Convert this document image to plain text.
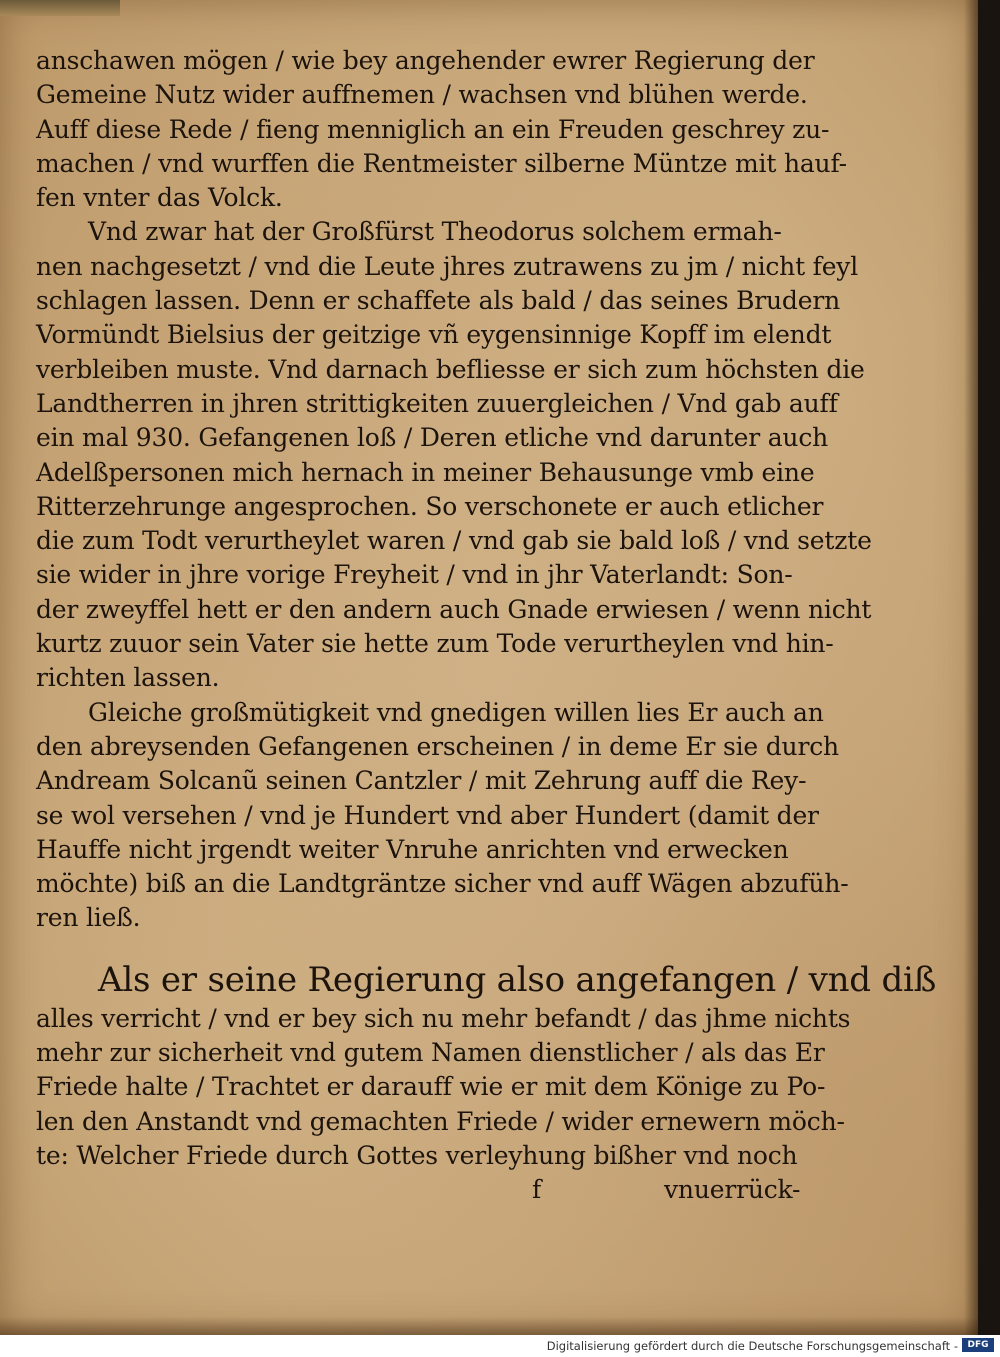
anschawen mögen / wie bey angehender ewrer Regierung der
Gemeine Nutz wider auffnemen / wachsen vnd blühen werde.
Auff diese Rede / fieng menniglich an ein Freuden geschrey zu-
machen / vnd wurffen die Rentmeister silberne Müntze mit hauf-
fen vnter das Volck.
Vnd zwar hat der Großfürst Theodorus solchem ermah-
nen nachgesetzt / vnd die Leute jhres zutrawens zu jm / nicht feyl
schlagen lassen. Denn er schaffete als bald / das seines Brudern
Vormündt Bielsius der geitzige vñ eygensinnige Kopff im elendt
verbleiben muste. Vnd darnach befliesse er sich zum höchsten die
Landtherren in jhren strittigkeiten zuuergleichen / Vnd gab auff
ein mal 930. Gefangenen loß / Deren etliche vnd darunter auch
Adelßpersonen mich hernach in meiner Behausunge vmb eine
Ritterzehrunge angesprochen. So verschonete er auch etlicher
die zum Todt verurtheylet waren / vnd gab sie bald loß / vnd setzte
sie wider in jhre vorige Freyheit / vnd in jhr Vaterlandt: Son-
der zweyffel hett er den andern auch Gnade erwiesen / wenn nicht
kurtz zuuor sein Vater sie hette zum Tode verurtheylen vnd hin-
richten lassen.
Gleiche großmütigkeit vnd gnedigen willen lies Er auch an
den abreysenden Gefangenen erscheinen / in deme Er sie durch
Andream Solcanũ seinen Cantzler / mit Zehrung auff die Rey-
se wol versehen / vnd je Hundert vnd aber Hundert (damit der
Hauffe nicht jrgendt weiter Vnruhe anrichten vnd erwecken
möchte) biß an die Landtgräntze sicher vnd auff Wägen abzufüh-
ren ließ.
Als er seine Regierung also angefangen / vnd diß
alles verricht / vnd er bey sich nu mehr befandt / das jhme nichts
mehr zur sicherheit vnd gutem Namen dienstlicher / als das Er
Friede halte / Trachtet er darauff wie er mit dem Könige zu Po-
len den Anstandt vnd gemachten Friede / wider ernewern möch-
te: Welcher Friede durch Gottes verleyhung bißher vnd noch
f	vnuerrück-
Digitalisierung gefördert durch die Deutsche Forschungsgemeinschaft -	DFG
